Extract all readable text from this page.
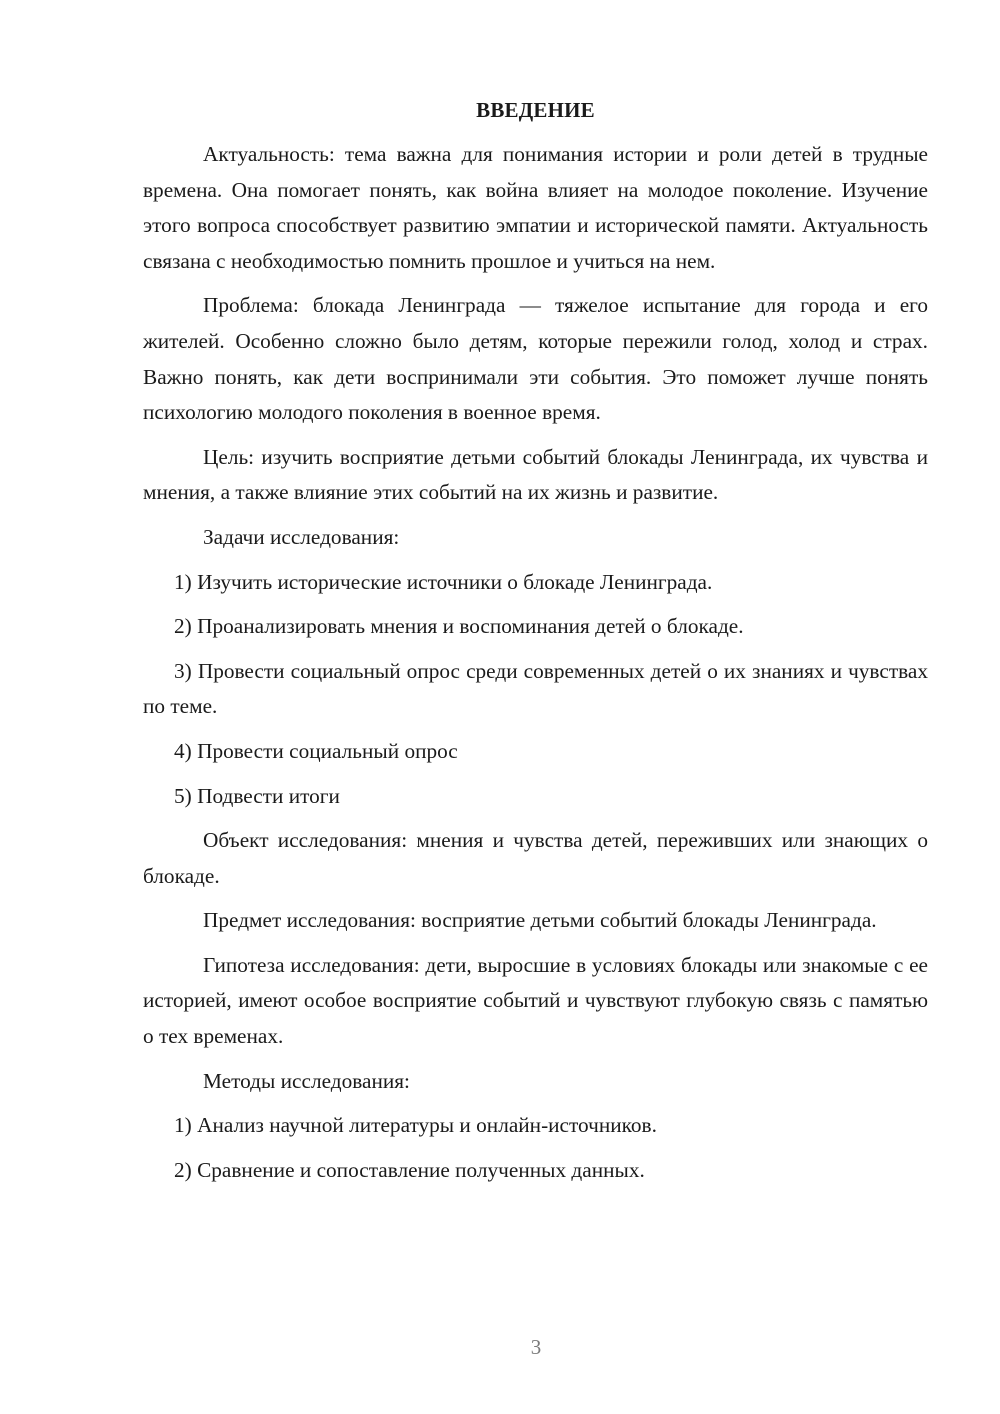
ВВЕДЕНИЕ

Актуальность: тема важна для понимания истории и роли детей в трудные времена. Она помогает понять, как война влияет на молодое поколение. Изучение этого вопроса способствует развитию эмпатии и исторической памяти. Актуальность связана с необходимостью помнить прошлое и учиться на нем.

Проблема: блокада Ленинграда — тяжелое испытание для города и его жителей. Особенно сложно было детям, которые пережили голод, холод и страх. Важно понять, как дети воспринимали эти события. Это поможет лучше понять психологию молодого поколения в военное время.

Цель: изучить восприятие детьми событий блокады Ленинграда, их чувства и мнения, а также влияние этих событий на их жизнь и развитие.

Задачи исследования:

1) Изучить исторические источники о блокаде Ленинграда.

2) Проанализировать мнения и воспоминания детей о блокаде.

3) Провести социальный опрос среди современных детей о их знаниях и чувствах по теме.

4) Провести социальный опрос

5) Подвести итоги

Объект исследования: мнения и чувства детей, переживших или знающих о блокаде.

Предмет исследования: восприятие детьми событий блокады Ленинграда.

Гипотеза исследования: дети, выросшие в условиях блокады или знакомые с ее историей, имеют особое восприятие событий и чувствуют глубокую связь с памятью о тех временах.

Методы исследования:

1) Анализ научной литературы и онлайн-источников.

2) Сравнение и сопоставление полученных данных.

3
